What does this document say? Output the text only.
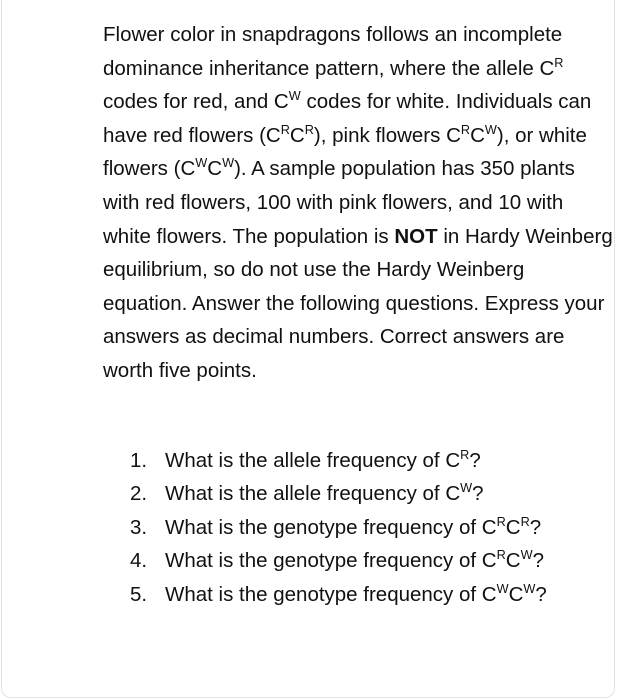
Flower color in snapdragons follows an incomplete dominance inheritance pattern, where the allele $C^R$ codes for red, and $C^W$ codes for white. Individuals can have red flowers $(C^RC^R)$, pink flowers $C^RC^W$), or white flowers $(C^WC^W)$. A sample population has 350 plants with red flowers, 100 with pink flowers, and 10 with white flowers. The population is NOT in Hardy Weinberg equilibrium, so do not use the Hardy Weinberg equation. Answer the following questions. Express your answers as decimal numbers. Correct answers are worth five points.

1. What is the allele frequency of $C^R$?
2. What is the allele frequency of $C^W$?
3. What is the genotype frequency of $C^RC^R$?
4. What is the genotype frequency of $C^RC^W$?
5. What is the genotype frequency of $C^WC^W$?
